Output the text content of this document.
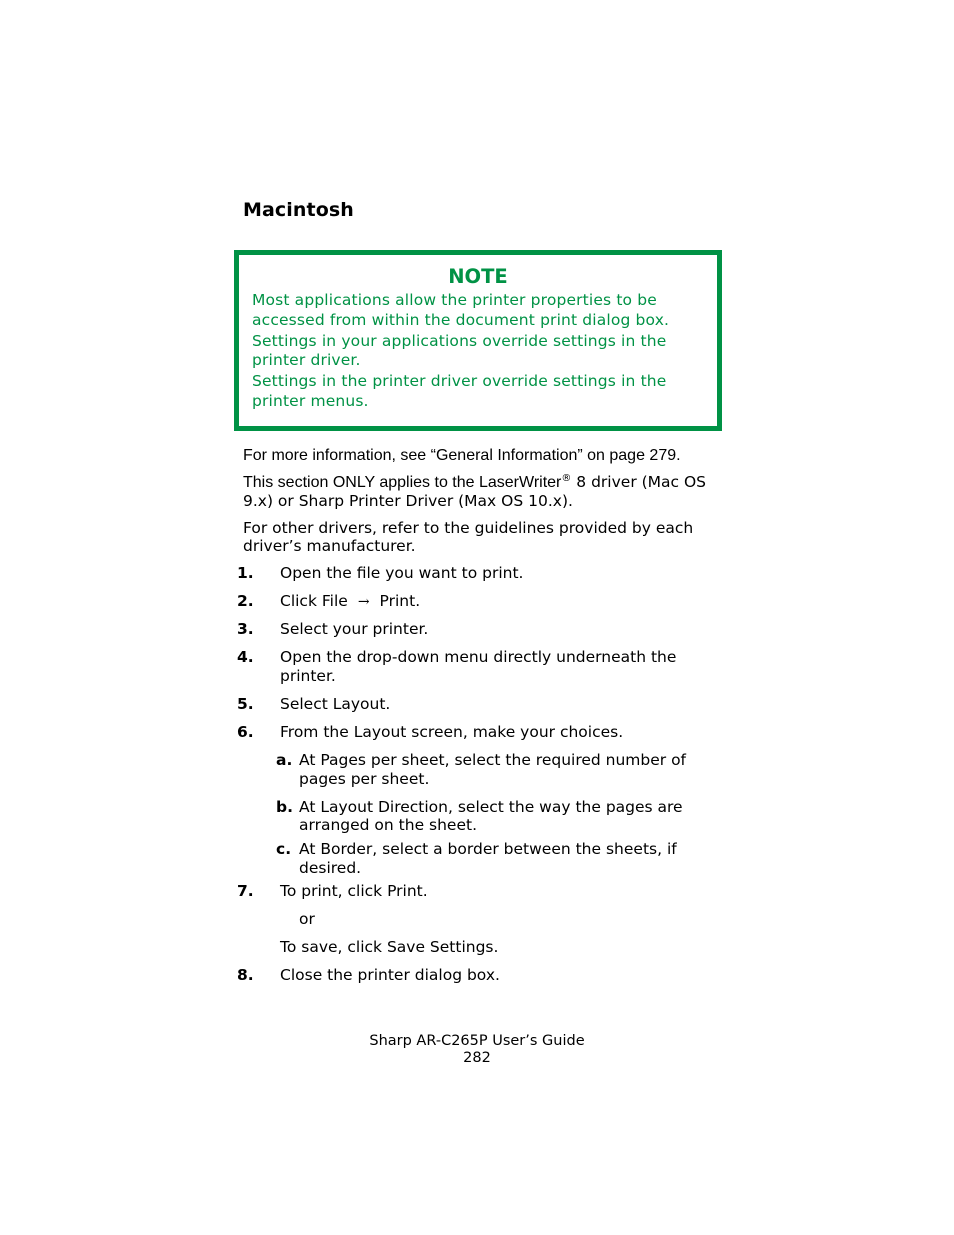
Macintosh
NOTE
Most applications allow the printer properties to be
accessed from within the document print dialog box.
Settings in your applications override settings in the
printer driver.
Settings in the printer driver override settings in the
printer menus.
For more information, see “General Information” on page 279.
This section ONLY applies to the LaserWriter® 8 driver (Mac OS
9.x) or Sharp Printer Driver (Max OS 10.x).
For other drivers, refer to the guidelines provided by each
driver’s manufacturer.
1. Open the file you want to print.
2. Click File → Print.
3. Select your printer.
4. Open the drop-down menu directly underneath the
printer.
5. Select Layout.
6. From the Layout screen, make your choices.
a. At Pages per sheet, select the required number of
pages per sheet.
b. At Layout Direction, select the way the pages are
arranged on the sheet.
c. At Border, select a border between the sheets, if
desired.
7. To print, click Print.
or
To save, click Save Settings.
8. Close the printer dialog box.
Sharp AR-C265P User’s Guide
282
